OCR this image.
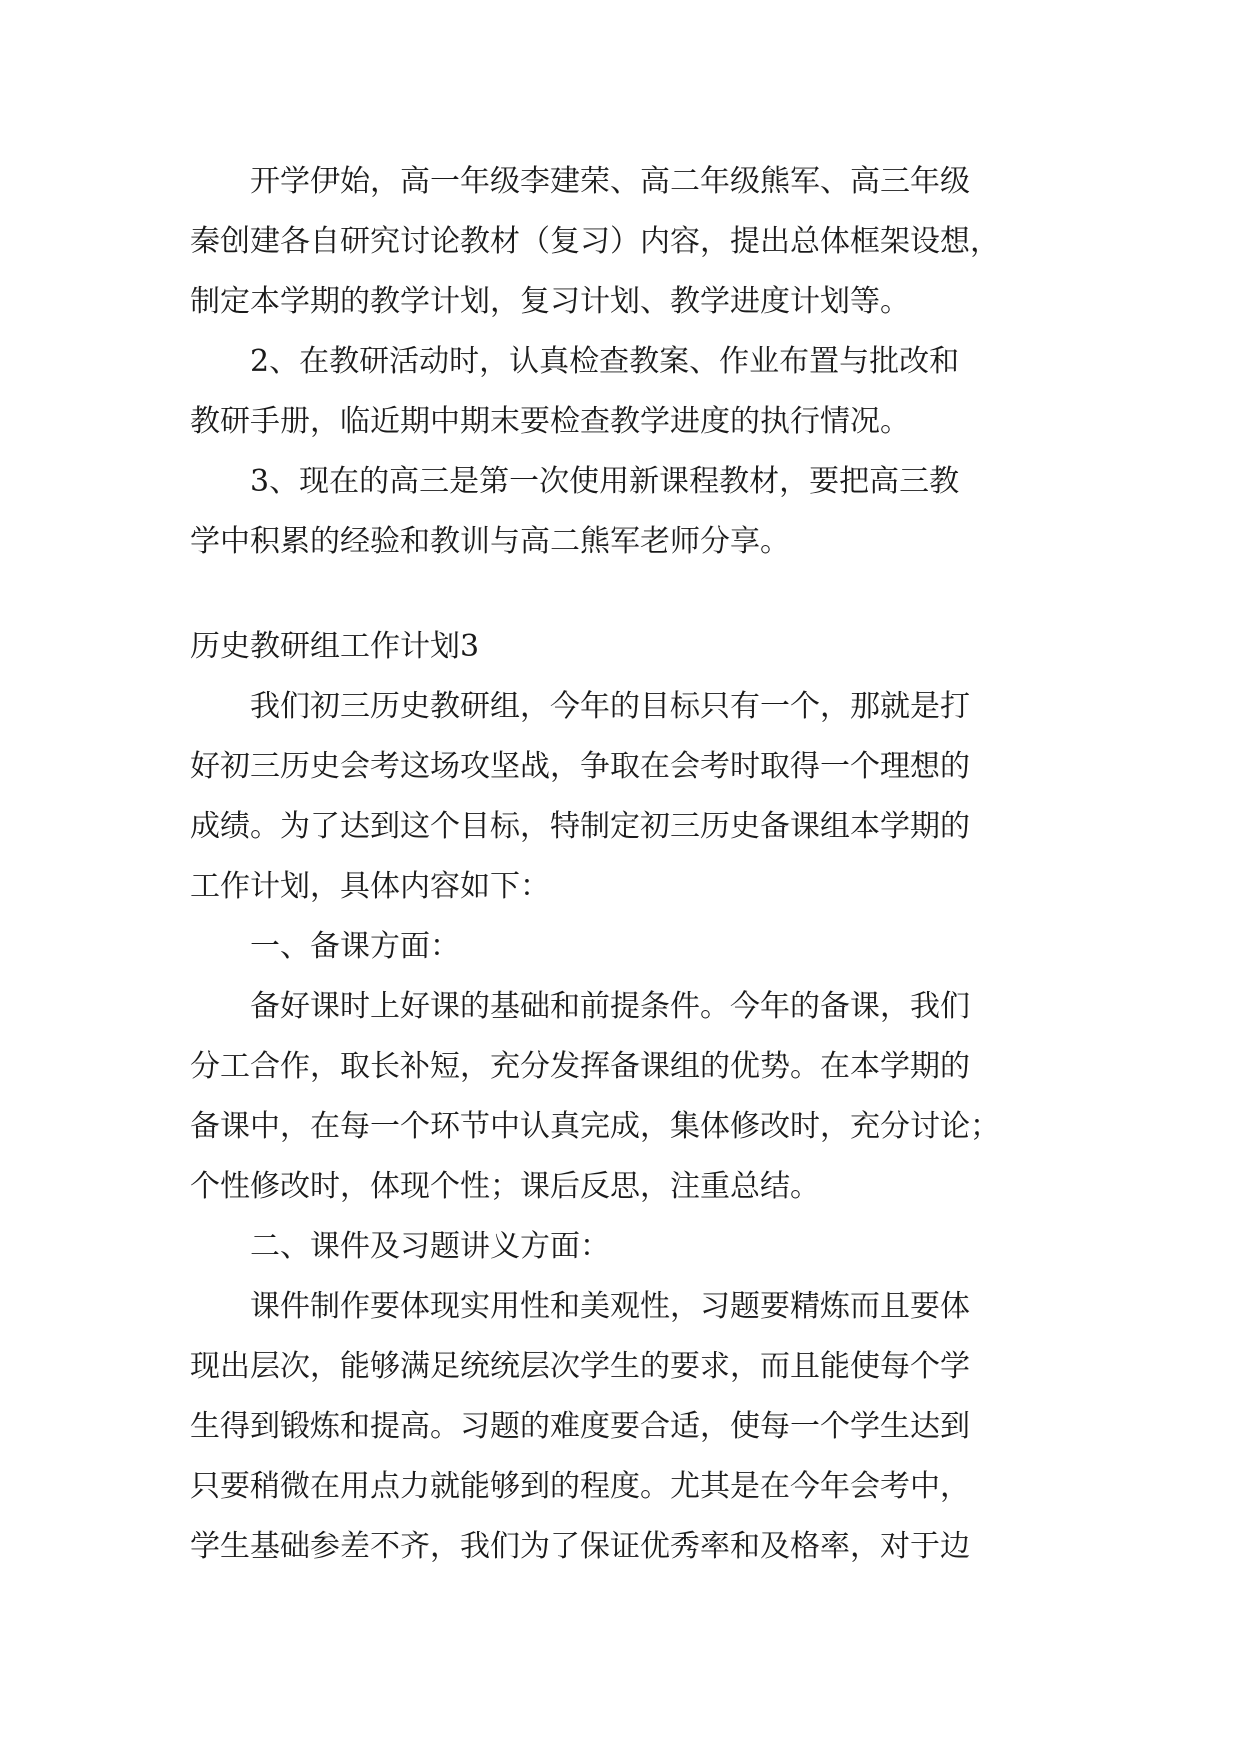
开学伊始，高一年级李建荣、高二年级熊军、高三年级
秦创建各自研究讨论教材（复习）内容，提出总体框架设想，
制定本学期的教学计划，复习计划、教学进度计划等。
2、在教研活动时，认真检查教案、作业布置与批改和
教研手册，临近期中期末要检查教学进度的执行情况。
3、现在的高三是第一次使用新课程教材，要把高三教
学中积累的经验和教训与高二熊军老师分享。
历史教研组工作计划3
我们初三历史教研组，今年的目标只有一个，那就是打
好初三历史会考这场攻坚战，争取在会考时取得一个理想的
成绩。为了达到这个目标，特制定初三历史备课组本学期的
工作计划，具体内容如下：
一、备课方面：
备好课时上好课的基础和前提条件。今年的备课，我们
分工合作，取长补短，充分发挥备课组的优势。在本学期的
备课中，在每一个环节中认真完成，集体修改时，充分讨论；
个性修改时，体现个性；课后反思，注重总结。
二、课件及习题讲义方面：
课件制作要体现实用性和美观性，习题要精炼而且要体
现出层次，能够满足统统层次学生的要求，而且能使每个学
生得到锻炼和提高。习题的难度要合适，使每一个学生达到
只要稍微在用点力就能够到的程度。尤其是在今年会考中，
学生基础参差不齐，我们为了保证优秀率和及格率，对于边
